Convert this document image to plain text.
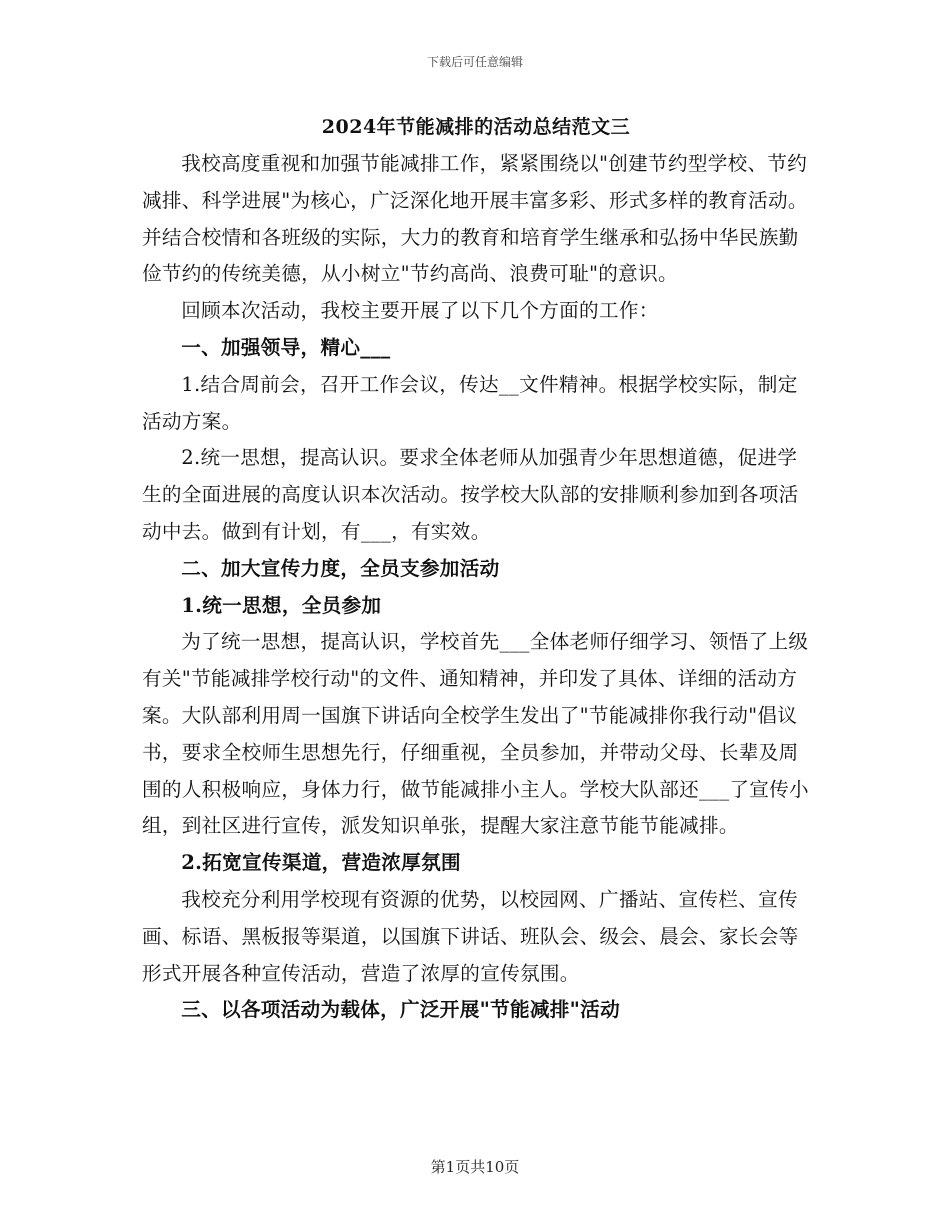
下载后可任意编辑
2024年节能减排的活动总结范文三

我校高度重视和加强节能减排工作，紧紧围绕以"创建节约型学校、节约减排、科学进展"为核心，广泛深化地开展丰富多彩、形式多样的教育活动。并结合校情和各班级的实际，大力的教育和培育学生继承和弘扬中华民族勤俭节约的传统美德，从小树立"节约高尚、浪费可耻"的意识。

回顾本次活动，我校主要开展了以下几个方面的工作：

一、加强领导，精心___

1.结合周前会，召开工作会议，传达__文件精神。根据学校实际，制定活动方案。

2.统一思想，提高认识。要求全体老师从加强青少年思想道德，促进学生的全面进展的高度认识本次活动。按学校大队部的安排顺利参加到各项活动中去。做到有计划，有___，有实效。

二、加大宣传力度，全员支参加活动

1.统一思想，全员参加

为了统一思想，提高认识，学校首先___全体老师仔细学习、领悟了上级有关"节能减排学校行动"的文件、通知精神，并印发了具体、详细的活动方案。大队部利用周一国旗下讲话向全校学生发出了"节能减排你我行动"倡议书，要求全校师生思想先行，仔细重视，全员参加，并带动父母、长辈及周围的人积极响应，身体力行，做节能减排小主人。学校大队部还___了宣传小组，到社区进行宣传，派发知识单张，提醒大家注意节能节能减排。

2.拓宽宣传渠道，营造浓厚氛围

我校充分利用学校现有资源的优势，以校园网、广播站、宣传栏、宣传画、标语、黑板报等渠道，以国旗下讲话、班队会、级会、晨会、家长会等形式开展各种宣传活动，营造了浓厚的宣传氛围。

三、以各项活动为载体，广泛开展"节能减排"活动

第1页共10页
